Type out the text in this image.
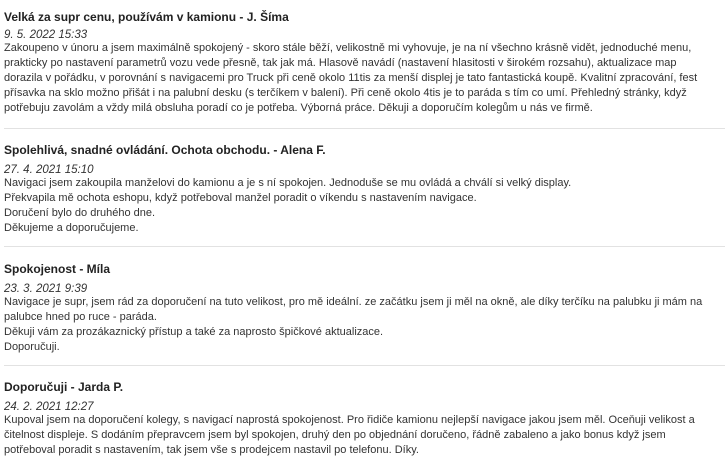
Velká za supr cenu, používám v kamionu - J. Šíma
9. 5. 2022 15:33

Zakoupeno v únoru a jsem maximálně spokojený - skoro stále běží, velikostně mi vyhovuje, je na ní všechno krásně vidět, jednoduché menu, prakticky po nastavení parametrů vozu vede přesně, tak jak má. Hlasově navádí (nastavení hlasitosti v širokém rozsahu), aktualizace map dorazila v pořádku, v porovnání s navigacemi pro Truck při ceně okolo 11tis za menší displej je tato fantastická koupě. Kvalitní zpracování, fest přísavka na sklo možno přišát i na palubní desku (s terčíkem v balení). Při ceně okolo 4tis je to paráda s tím co umí. Přehledný stránky, když potřebuju zavolám a vždy milá obsluha poradí co je potřeba. Výborná práce. Děkuji a doporučím kolegům u nás ve firmě.

Spolehlivá, snadné ovládání. Ochota obchodu. - Alena F.
27. 4. 2021 15:10

Navigaci jsem zakoupila manželovi do kamionu a je s ní spokojen. Jednoduše se mu ovládá a chválí si velký display.

Překvapila mě ochota eshopu, když potřeboval manžel poradit o víkendu s nastavením navigace.

Doručení bylo do druhého dne.

Děkujeme a doporučujeme.

Spokojenost - Míla
23. 3. 2021 9:39

Navigace je supr, jsem rád za doporučení na tuto velikost, pro mě ideální. ze začátku jsem ji měl na okně, ale díky terčíku na palubku ji mám na palubce hned po ruce - paráda.

Děkuji vám za prozákaznický přístup a také za naprosto špičkové aktualizace.

Doporučuji.

Doporučuji - Jarda P.
24. 2. 2021 12:27

Kupoval jsem na doporučení kolegy, s navigací naprostá spokojenost. Pro řidiče kamionu nejlepší navigace jakou jsem měl. Oceňuji velikost a čitelnost displeje. S dodáním přepravcem jsem byl spokojen, druhý den po objednání doručeno, řádně zabaleno a jako bonus když jsem potřeboval poradit s nastavením, tak jsem vše s prodejcem nastavil po telefonu. Díky.
